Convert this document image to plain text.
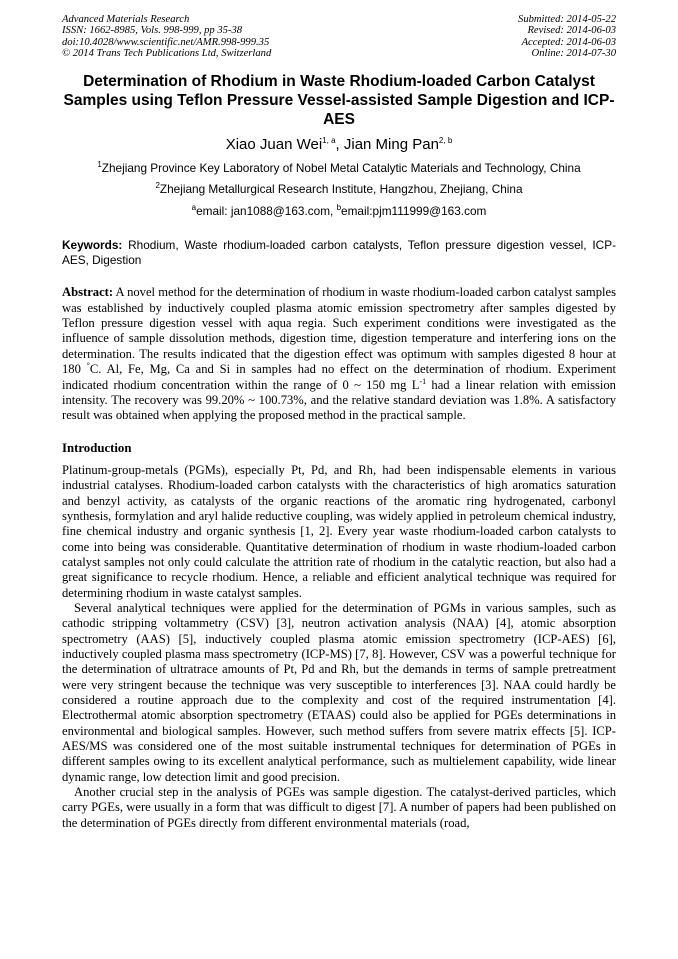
Advanced Materials Research
ISSN: 1662-8985, Vols. 998-999, pp 35-38
doi:10.4028/www.scientific.net/AMR.998-999.35
© 2014 Trans Tech Publications Ltd, Switzerland
Submitted: 2014-05-22
Revised: 2014-06-03
Accepted: 2014-06-03
Online: 2014-07-30
Determination of Rhodium in Waste Rhodium-loaded Carbon Catalyst Samples using Teflon Pressure Vessel-assisted Sample Digestion and ICP-AES
Xiao Juan Wei$^{1, a}$, Jian Ming Pan$^{2, b}$
$^1$Zhejiang Province Key Laboratory of Nobel Metal Catalytic Materials and Technology, China
$^2$Zhejiang Metallurgical Research Institute, Hangzhou, Zhejiang, China
$^a$email: jan1088@163.com, $^b$email:pjm111999@163.com
Keywords: Rhodium, Waste rhodium-loaded carbon catalysts, Teflon pressure digestion vessel, ICP-AES, Digestion
Abstract: A novel method for the determination of rhodium in waste rhodium-loaded carbon catalyst samples was established by inductively coupled plasma atomic emission spectrometry after samples digested by Teflon pressure digestion vessel with aqua regia. Such experiment conditions were investigated as the influence of sample dissolution methods, digestion time, digestion temperature and interfering ions on the determination. The results indicated that the digestion effect was optimum with samples digested 8 hour at 180 °C. Al, Fe, Mg, Ca and Si in samples had no effect on the determination of rhodium. Experiment indicated rhodium concentration within the range of 0 ~ 150 mg $L^{-1}$ had a linear relation with emission intensity. The recovery was 99.20% ~ 100.73%, and the relative standard deviation was 1.8%. A satisfactory result was obtained when applying the proposed method in the practical sample.
Introduction

Platinum-group-metals (PGMs), especially Pt, Pd, and Rh, had been indispensable elements in various industrial catalyses. Rhodium-loaded carbon catalysts with the characteristics of high aromatics saturation and benzyl activity, as catalysts of the organic reactions of the aromatic ring hydrogenated, carbonyl synthesis, formylation and aryl halide reductive coupling, was widely applied in petroleum chemical industry, fine chemical industry and organic synthesis [1, 2]. Every year waste rhodium-loaded carbon catalysts to come into being was considerable. Quantitative determination of rhodium in waste rhodium-loaded carbon catalyst samples not only could calculate the attrition rate of rhodium in the catalytic reaction, but also had a great significance to recycle rhodium. Hence, a reliable and efficient analytical technique was required for determining rhodium in waste catalyst samples.

Several analytical techniques were applied for the determination of PGMs in various samples, such as cathodic stripping voltammetry (CSV) [3], neutron activation analysis (NAA) [4], atomic absorption spectrometry (AAS) [5], inductively coupled plasma atomic emission spectrometry (ICP-AES) [6], inductively coupled plasma mass spectrometry (ICP-MS) [7, 8]. However, CSV was a powerful technique for the determination of ultratrace amounts of Pt, Pd and Rh, but the demands in terms of sample pretreatment were very stringent because the technique was very susceptible to interferences [3]. NAA could hardly be considered a routine approach due to the complexity and cost of the required instrumentation [4]. Electrothermal atomic absorption spectrometry (ETAAS) could also be applied for PGEs determinations in environmental and biological samples. However, such method suffers from severe matrix effects [5]. ICP-AES/MS was considered one of the most suitable instrumental techniques for determination of PGEs in different samples owing to its excellent analytical performance, such as multielement capability, wide linear dynamic range, low detection limit and good precision.

Another crucial step in the analysis of PGEs was sample digestion. The catalyst-derived particles, which carry PGEs, were usually in a form that was difficult to digest [7]. A number of papers had been published on the determination of PGEs directly from different environmental materials (road,
